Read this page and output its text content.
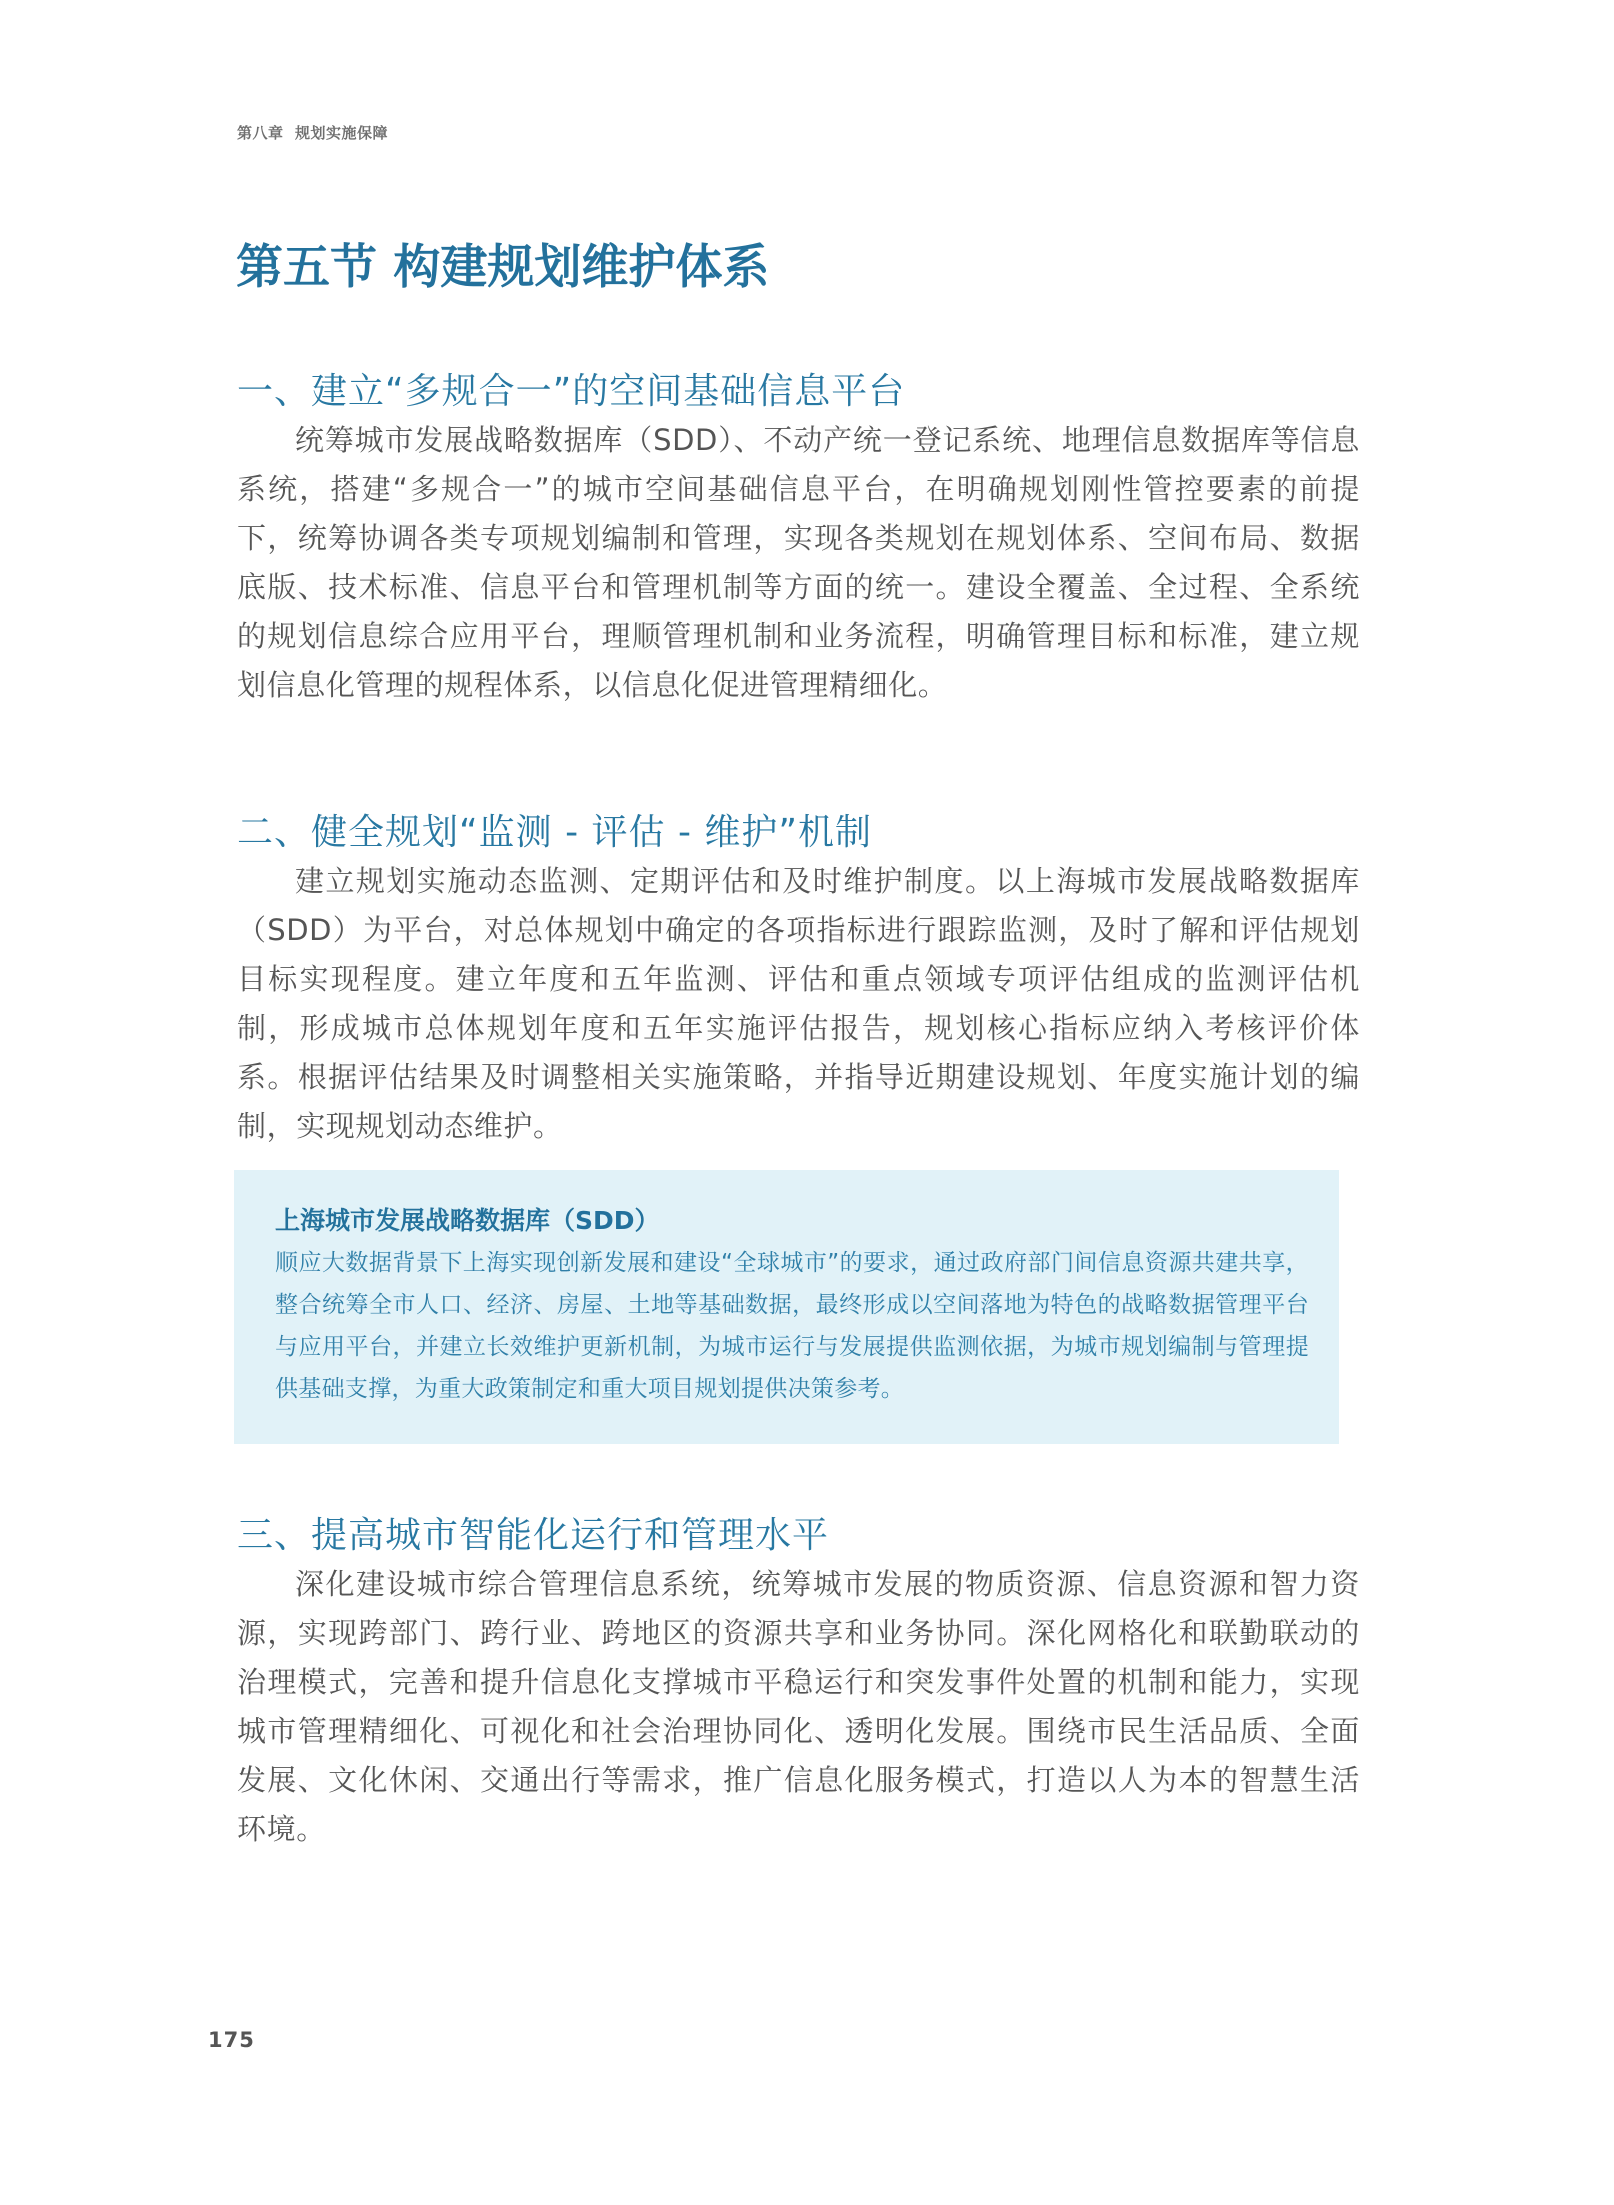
第八章  规划实施保障
第五节 构建规划维护体系
一、建立“多规合一”的空间基础信息平台

统筹城市发展战略数据库（SDD）、不动产统一登记系统、地理信息数据库等信息系统，搭建“多规合一”的城市空间基础信息平台，在明确规划刚性管控要素的前提下，统筹协调各类专项规划编制和管理，实现各类规划在规划体系、空间布局、数据底版、技术标准、信息平台和管理机制等方面的统一。建设全覆盖、全过程、全系统的规划信息综合应用平台，理顺管理机制和业务流程，明确管理目标和标准，建立规划信息化管理的规程体系，以信息化促进管理精细化。

二、健全规划“监测 - 评估 - 维护”机制

建立规划实施动态监测、定期评估和及时维护制度。以上海城市发展战略数据库（SDD）为平台，对总体规划中确定的各项指标进行跟踪监测，及时了解和评估规划目标实现程度。建立年度和五年监测、评估和重点领域专项评估组成的监测评估机制，形成城市总体规划年度和五年实施评估报告，规划核心指标应纳入考核评价体系。根据评估结果及时调整相关实施策略，并指导近期建设规划、年度实施计划的编制，实现规划动态维护。

上海城市发展战略数据库（SDD）

顺应大数据背景下上海实现创新发展和建设“全球城市”的要求，通过政府部门间信息资源共建共享，整合统筹全市人口、经济、房屋、土地等基础数据，最终形成以空间落地为特色的战略数据管理平台与应用平台，并建立长效维护更新机制，为城市运行与发展提供监测依据，为城市规划编制与管理提供基础支撑，为重大政策制定和重大项目规划提供决策参考。

三、提高城市智能化运行和管理水平

深化建设城市综合管理信息系统，统筹城市发展的物质资源、信息资源和智力资源，实现跨部门、跨行业、跨地区的资源共享和业务协同。深化网格化和联勤联动的治理模式，完善和提升信息化支撑城市平稳运行和突发事件处置的机制和能力，实现城市管理精细化、可视化和社会治理协同化、透明化发展。围绕市民生活品质、全面发展、文化休闲、交通出行等需求，推广信息化服务模式，打造以人为本的智慧生活环境。

175
